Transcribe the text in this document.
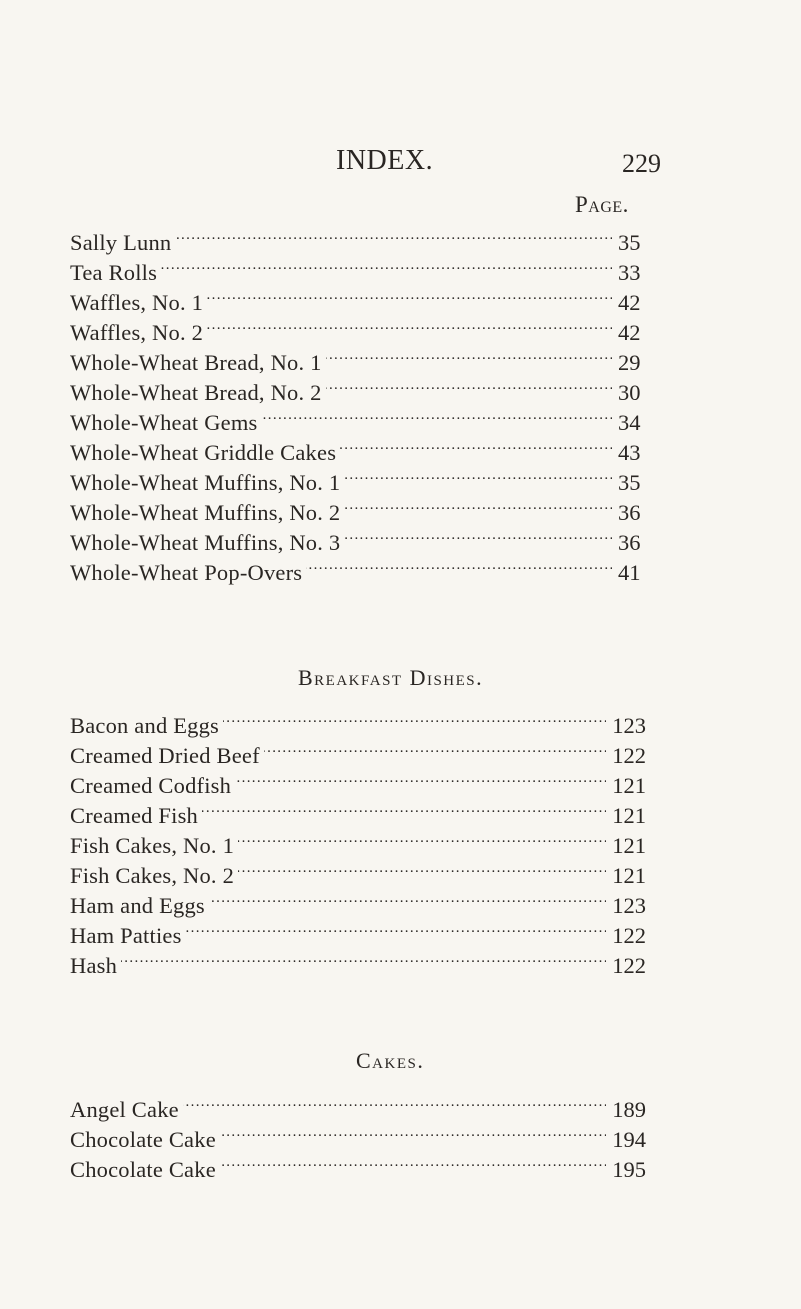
INDEX.	229
Page.
Sally Lunn . . .	35
Tea Rolls . . .	33
Waffles, No. 1 . . .	42
Waffles, No. 2 . . .	42
Whole-Wheat Bread, No. 1 . . .	29
Whole-Wheat Bread, No. 2 . . .	30
Whole-Wheat Gems . . .	34
Whole-Wheat Griddle Cakes . . .	43
Whole-Wheat Muffins, No. 1 . . .	35
Whole-Wheat Muffins, No. 2 . . .	36
Whole-Wheat Muffins, No. 3 . . .	36
Whole-Wheat Pop-Overs . . .	41
Breakfast Dishes.
Bacon and Eggs . . .	123
Creamed Dried Beef . . .	122
Creamed Codfish . . .	121
Creamed Fish . . .	121
Fish Cakes, No. 1 . . .	121
Fish Cakes, No. 2 . . .	121
Ham and Eggs . . .	123
Ham Patties . . .	122
Hash . . .	122
Cakes.
Angel Cake . . .	189
Chocolate Cake . . .	194
Chocolate Cake . . .	195
